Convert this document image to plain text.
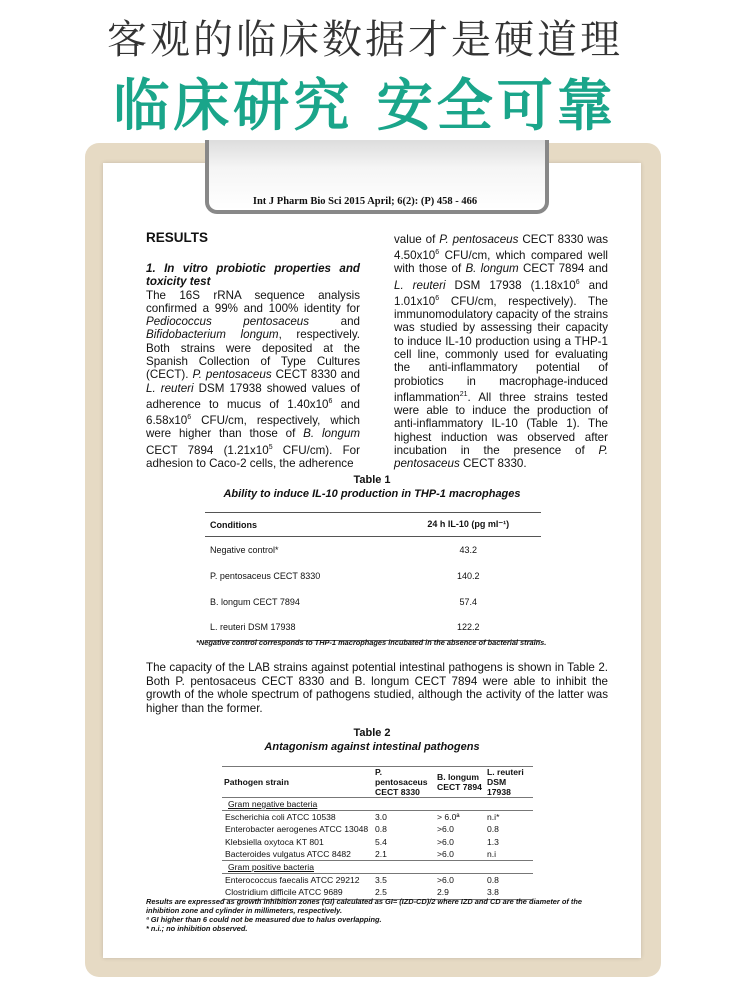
客观的临床数据才是硬道理
临床研究 安全可靠
Int J Pharm Bio Sci 2015 April; 6(2): (P) 458 - 466
RESULTS
1. In vitro probiotic properties and toxicity test
The 16S rRNA sequence analysis confirmed a 99% and 100% identity for Pediococcus pentosaceus and Bifidobacterium longum, respectively. Both strains were deposited at the Spanish Collection of Type Cultures (CECT). P. pentosaceus CECT 8330 and L. reuteri DSM 17938 showed values of adherence to mucus of $1.40x10^6$ and $6.58x10^6$ CFU/cm, respectively, which were higher than those of B. longum CECT 7894 ($1.21x10^5$ CFU/cm). For adhesion to Caco-2 cells, the adherence
value of P. pentosaceus CECT 8330 was $4.50x10^6$ CFU/cm, which compared well with those of B. longum CECT 7894 and L. reuteri DSM 17938 ($1.18x10^6$ and $1.01x10^6$ CFU/cm, respectively). The immunomodulatory capacity of the strains was studied by assessing their capacity to induce IL-10 production using a THP-1 cell line, commonly used for evaluating the anti-inflammatory potential of probiotics in macrophage-induced inflammation$^{21}$. All three strains tested were able to induce the production of anti-inflammatory IL-10 (Table 1). The highest induction was observed after incubation in the presence of P. pentosaceus CECT 8330.
Table 1
Ability to induce IL-10 production in THP-1 macrophages
Conditions	24 h IL-10 (pg ml⁻¹)
Negative control*	43.2
P. pentosaceus CECT 8330	140.2
B. longum CECT 7894	57.4
L. reuteri DSM 17938	122.2
*Negative control corresponds to THP-1 macrophages incubated in the absence of bacterial strains.
The capacity of the LAB strains against potential intestinal pathogens is shown in Table 2. Both P. pentosaceus CECT 8330 and B. longum CECT 7894 were able to inhibit the growth of the whole spectrum of pathogens studied, although the activity of the latter was higher than the former.
Table 2
Antagonism against intestinal pathogens
Pathogen strain	P. pentosaceus CECT 8330	B. longum CECT 7894	L. reuteri DSM 17938
Gram negative bacteria			
Escherichia coli ATCC 10538	3.0	> 6.0ª	n.i*
Enterobacter aerogenes ATCC 13048	0.8	>6.0	0.8
Klebsiella oxytoca KT 801	5.4	>6.0	1.3
Bacteroides vulgatus ATCC 8482	2.1	>6.0	n.i
Gram positive bacteria			
Enterococcus faecalis ATCC 29212	3.5	>6.0	0.8
Clostridium difficile ATCC 9689	2.5	2.9	3.8
Results are expressed as growth inhibition zones (GI) calculated as GI= (IZD-CD)/2 where IZD and CD are the diameter of the inhibition zone and cylinder in millimeters, respectively.
ª GI higher than 6 could not be measured due to halus overlapping.
* n.i.; no inhibition observed.
